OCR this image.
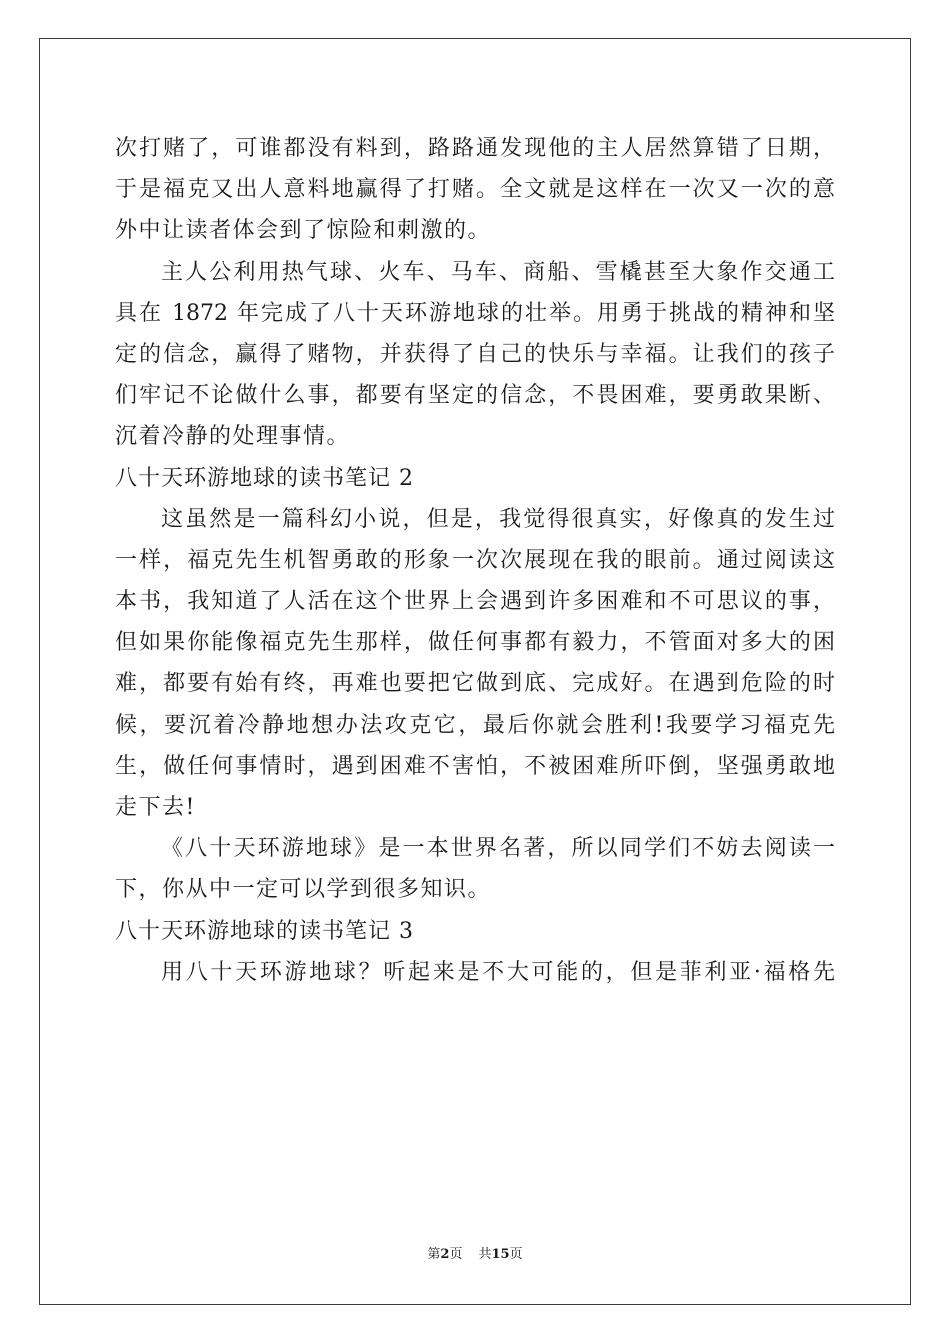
次打赌了，可谁都没有料到，路路通发现他的主人居然算错了日期，
于是福克又出人意料地赢得了打赌。全文就是这样在一次又一次的意
外中让读者体会到了惊险和刺激的。
主人公利用热气球、火车、马车、商船、雪橇甚至大象作交通工
具在 1872 年完成了八十天环游地球的壮举。用勇于挑战的精神和坚
定的信念，赢得了赌物，并获得了自己的快乐与幸福。让我们的孩子
们牢记不论做什么事，都要有坚定的信念，不畏困难，要勇敢果断、
沉着冷静的处理事情。
八十天环游地球的读书笔记 2
这虽然是一篇科幻小说，但是，我觉得很真实，好像真的发生过
一样，福克先生机智勇敢的形象一次次展现在我的眼前。通过阅读这
本书，我知道了人活在这个世界上会遇到许多困难和不可思议的事，
但如果你能像福克先生那样，做任何事都有毅力，不管面对多大的困
难，都要有始有终，再难也要把它做到底、完成好。在遇到危险的时
候，要沉着冷静地想办法攻克它，最后你就会胜利!我要学习福克先
生，做任何事情时，遇到困难不害怕，不被困难所吓倒，坚强勇敢地
走下去!
《八十天环游地球》是一本世界名著，所以同学们不妨去阅读一
下，你从中一定可以学到很多知识。
八十天环游地球的读书笔记 3
用八十天环游地球？听起来是不大可能的，但是菲利亚·福格先
第2页 共15页
